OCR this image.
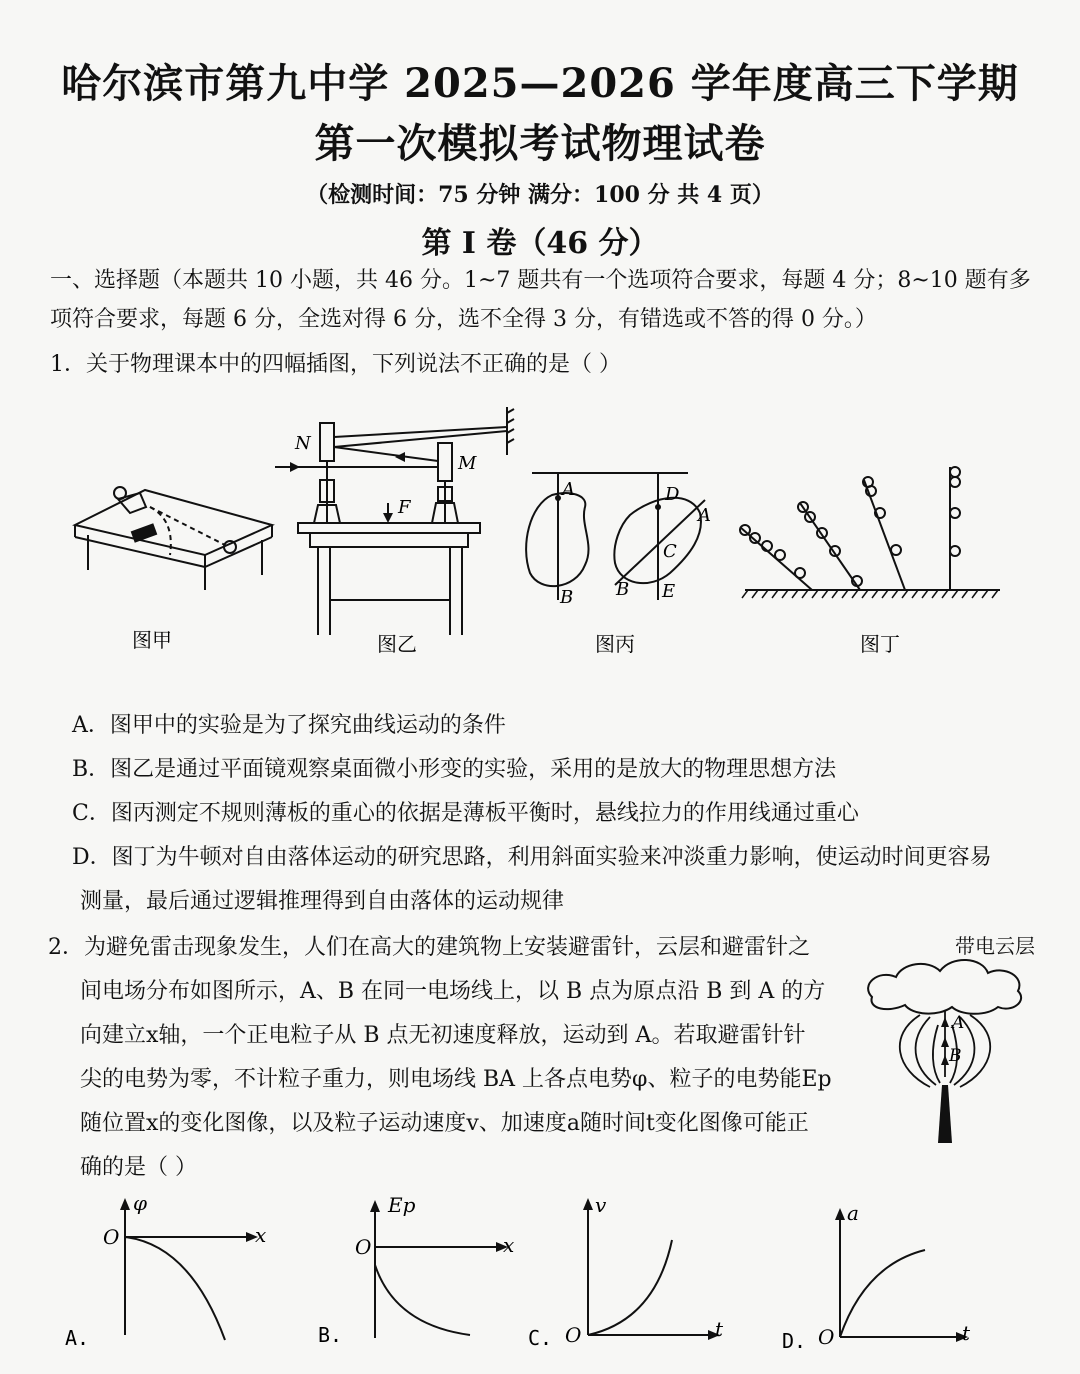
哈尔滨市第九中学 2025—2026 学年度高三下学期
第一次模拟考试物理试卷
（检测时间：75 分钟 满分：100 分 共 4 页）
第 I 卷（46 分）
一、选择题（本题共 10 小题，共 46 分。1~7 题共有一个选项符合要求，每题 4 分；8~10 题有多
项符合要求，每题 6 分，全选对得 6 分，选不全得 3 分，有错选或不答的得 0 分。）
1．关于物理课本中的四幅插图，下列说法不正确的是（ ）
图甲
N
M
F
图乙
A
B
D
A
C
B E
图丙	图丁
A．图甲中的实验是为了探究曲线运动的条件
B．图乙是通过平面镜观察桌面微小形变的实验，采用的是放大的物理思想方法
C．图丙测定不规则薄板的重心的依据是薄板平衡时，悬线拉力的作用线通过重心
D．图丁为牛顿对自由落体运动的研究思路，利用斜面实验来冲淡重力影响，使运动时间更容易
测量，最后通过逻辑推理得到自由落体的运动规律
2．为避免雷击现象发生，人们在高大的建筑物上安装避雷针，云层和避雷针之
间电场分布如图所示，A、B 在同一电场线上，以 B 点为原点沿 B 到 A 的方
向建立x轴，一个正电粒子从 B 点无初速度释放，运动到 A。若取避雷针针
尖的电势为零，不计粒子重力，则电场线 BA 上各点电势φ、粒子的电势能Ep
随位置x的变化图像，以及粒子运动速度v、加速度a随时间t变化图像可能正
确的是（ ）
带电云层
A
B
φ
x
O
A.
Ep
x
O
B.
v
t
O
C.
a
t
O
D.
